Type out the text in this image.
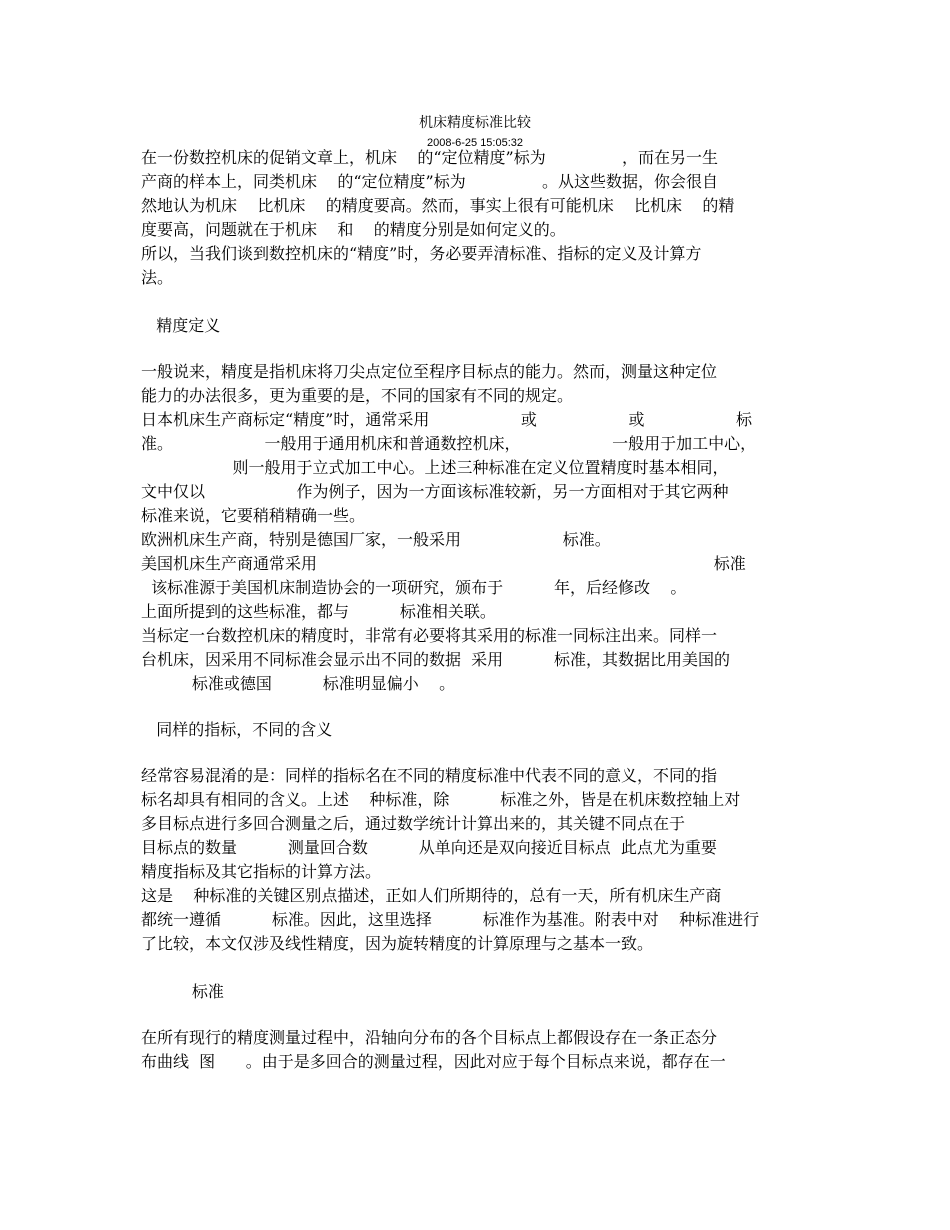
机床精度标准比较
2008-6-25 15:05:32
在一份数控机床的促销文章上，机床    的“定位精度”标为               ，而在另一生
产商的样本上，同类机床    的“定位精度”标为               。从这些数据，你会很自
然地认为机床    比机床    的精度要高。然而，事实上很有可能机床    比机床    的精
度要高，问题就在于机床    和    的精度分别是如何定义的。
所以，当我们谈到数控机床的“精度”时，务必要弄清标准、指标的定义及计算方
法。
精度定义
一般说来，精度是指机床将刀尖点定位至程序目标点的能力。然而，测量这种定位
能力的办法很多，更为重要的是，不同的国家有不同的规定。
日本机床生产商标定“精度”时，通常采用                  或                  或                  标
准。                  一般用于通用机床和普通数控机床，                  一般用于加工中心，
则一般用于立式加工中心。上述三种标准在定义位置精度时基本相同，
文中仅以                  作为例子，因为一方面该标准较新，另一方面相对于其它两种
标准来说，它要稍稍精确一些。
欧洲机床生产商，特别是德国厂家，一般采用                    标准。
美国机床生产商通常采用                                                                              标准
该标准源于美国机床制造协会的一项研究，颁布于          年，后经修改    。
上面所提到的这些标准，都与          标准相关联。
当标定一台数控机床的精度时，非常有必要将其采用的标准一同标注出来。同样一
台机床，因采用不同标准会显示出不同的数据  采用          标准，其数据比用美国的
标准或德国          标准明显偏小    。
同样的指标，不同的含义
经常容易混淆的是：同样的指标名在不同的精度标准中代表不同的意义，不同的指
标名却具有相同的含义。上述    种标准，除          标准之外，皆是在机床数控轴上对
多目标点进行多回合测量之后，通过数学统计计算出来的，其关键不同点在于
目标点的数量          测量回合数          从单向还是双向接近目标点  此点尤为重要
精度指标及其它指标的计算方法。
这是    种标准的关键区别点描述，正如人们所期待的，总有一天，所有机床生产商
都统一遵循          标准。因此，这里选择          标准作为基准。附表中对    种标准进行
了比较，本文仅涉及线性精度，因为旋转精度的计算原理与之基本一致。
标准
在所有现行的精度测量过程中，沿轴向分布的各个目标点上都假设存在一条正态分
布曲线  图      。由于是多回合的测量过程，因此对应于每个目标点来说，都存在一
